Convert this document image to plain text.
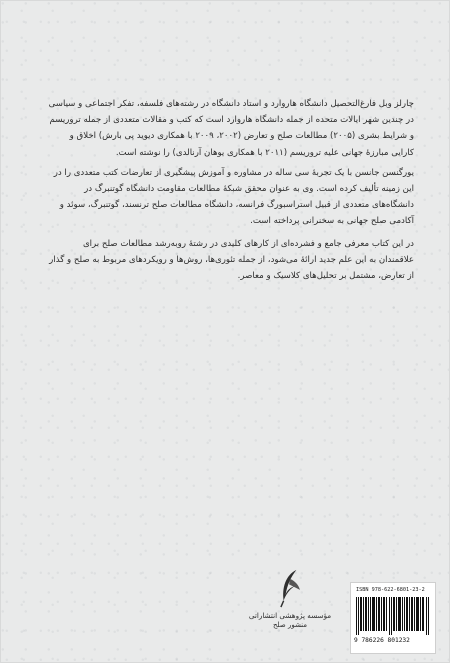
چارلز وبل فارغ‌التحصیل دانشگاه هاروارد و استاد دانشگاه در رشته‌های فلسفه، تفکر اجتماعی و سیاسی در چندین شهر ایالات متحده از جمله دانشگاه هاروارد است که کتب و مقالات متعددی از جمله تروریسم و شرایط بشری (۲۰۰۵) مطالعات صلح و تعارض (۲۰۰۲، ۲۰۰۹ با همکاری دیوید پی بارش) اخلاق و کارایی مبارزهٔ جهانی علیه تروریسم (۲۰۱۱ با همکاری یوهان آرنالدی) را نوشته است.

یورگنسن جانسن با یک تجربهٔ سی ساله در مشاوره و آموزش پیشگیری از تعارضات کتب متعددی را در این زمینه تألیف کرده است. وی به عنوان محقق شبکهٔ مطالعات مقاومت دانشگاه گوتنبرگ در دانشگاه‌های متعددی از قبیل استراسبورگ فرانسه، دانشگاه مطالعات صلح ترنسند، گوتنبرگ، سوئد و آکادمی صلح جهانی به سخنرانی پرداخته است.

در این کتاب معرفی جامع و فشرده‌ای از کارهای کلیدی در رشتهٔ رو‌به‌رشد مطالعات صلح برای علاقمندان به این علم جدید ارائهٔ می‌شود، از جمله تئوری‌ها، روش‌ها و رویکردهای مربوط به صلح و گذار از تعارض، مشتمل بر تحلیل‌های کلاسیک و معاصر.

مؤسسه پژوهشی انتشاراتی
منشور صلح
ISBN 978-622-6801-23-2
9 786226 801232
